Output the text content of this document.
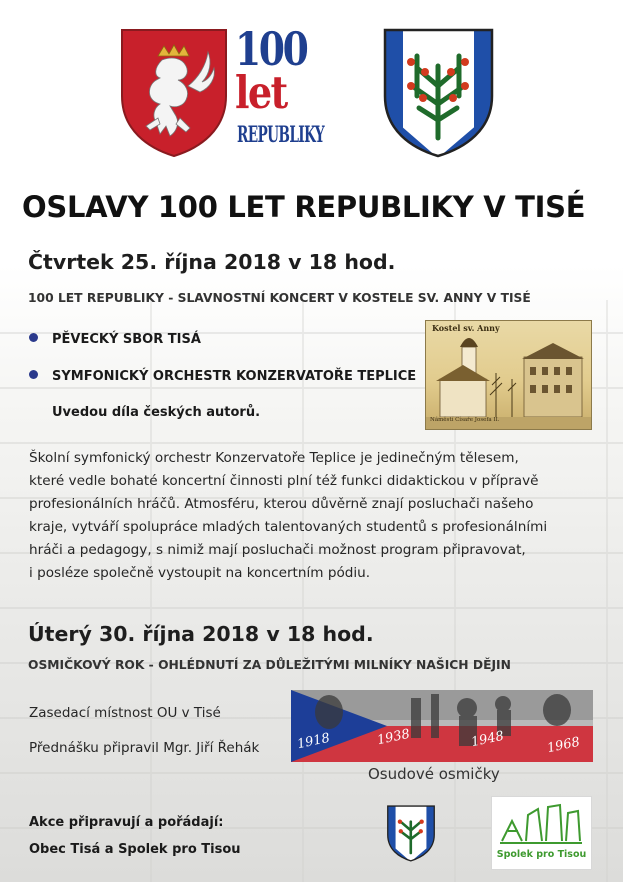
100
let
REPUBLIKY
OSLAVY 100 LET REPUBLIKY V TISÉ
Čtvrtek 25. října 2018 v 18 hod.
100 LET REPUBLIKY - SLAVNOSTNÍ KONCERT V KOSTELE SV. ANNY V TISÉ
PĚVECKÝ SBOR TISÁ
SYMFONICKÝ ORCHESTR KONZERVATOŘE TEPLICE
Uvedou díla českých autorů.
Kostel sv. Anny
Náměstí Císaře Josefa II.
Školní symfonický orchestr Konzervatoře Teplice je jedinečným tělesem,
které vedle bohaté koncertní činnosti plní též funkci didaktickou v přípravě
profesionálních hráčů. Atmosféru, kterou důvěrně znají posluchači našeho
kraje, vytváří spolupráce mladých talentovaných studentů s profesionálními
hráči a pedagogy, s nimiž mají posluchači možnost program připravovat,
i posléze společně vystoupit na koncertním pódiu.
Úterý 30. října 2018 v 18 hod.
OSMIČKOVÝ ROK - OHLÉDNUTÍ ZA DŮLEŽITÝMI MILNÍKY NAŠICH DĚJIN
Zasedací místnost OU v Tisé
Přednášku připravil Mgr. Jiří Řehák	1918	1938	1948	1968
Osudové osmičky
Akce připravují a pořádají:
Obec Tisá a Spolek pro Tisou	Spolek pro Tisou
